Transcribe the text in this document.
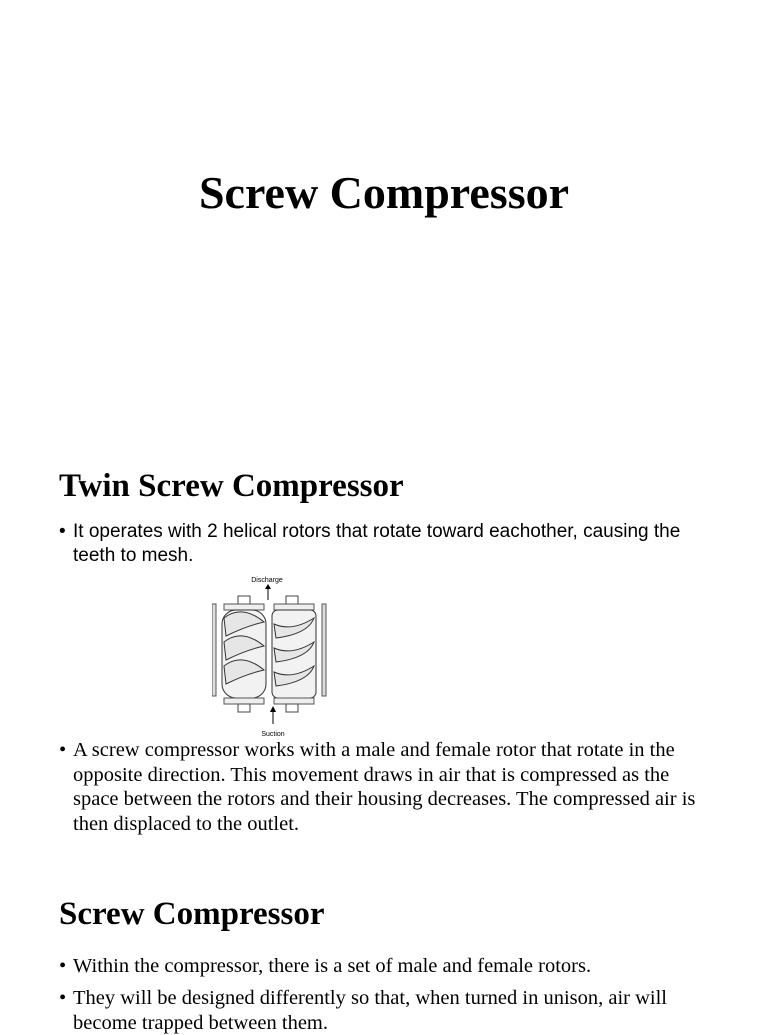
Screw Compressor
Twin Screw Compressor
• It operates with 2 helical rotors that rotate toward eachother, causing the teeth to mesh.
Discharge
Suction
• A screw compressor works with a male and female rotor that rotate in the opposite direction. This movement draws in air that is compressed as the space between the rotors and their housing decreases. The compressed air is then displaced to the outlet.
Screw Compressor
• Within the compressor, there is a set of male and female rotors.
• They will be designed differently so that, when turned in unison, air will become trapped between them.
